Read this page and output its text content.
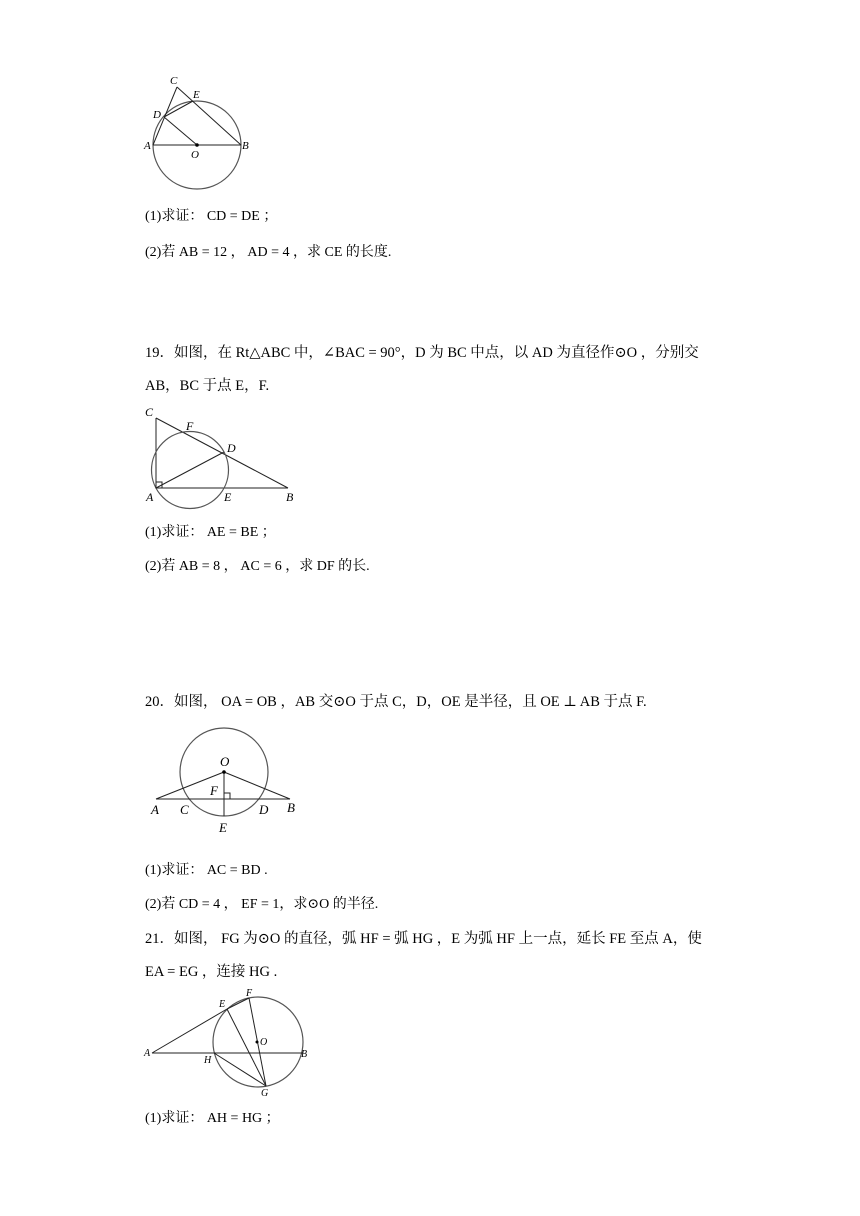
C
E
D
A
O
B
(1)求证： CD = DE ；
(2)若 AB = 12 ， AD = 4 ，求 CE 的长度.
19．如图，在 Rt△ABC 中，∠BAC = 90°，D 为 BC 中点，以 AD 为直径作⊙O ，分别交
AB，BC 于点 E，F.
C
F
D
A	E	B
(1)求证： AE = BE ；
(2)若 AB = 8 ， AC = 6 ，求 DF 的长.
20．如图， OA = OB ，AB 交⊙O 于点 C，D，OE 是半径，且 OE ⊥ AB 于点 F.
O
F
A C	D B
E
(1)求证： AC = BD .
(2)若 CD = 4 ， EF = 1，求⊙O 的半径.
21．如图， FG 为⊙O 的直径，弧 HF = 弧 HG ，E 为弧 HF 上一点，延长 FE 至点 A，使
EA = EG ，连接 HG .
E
F
O
A
H
B
G
(1)求证： AH = HG ；
